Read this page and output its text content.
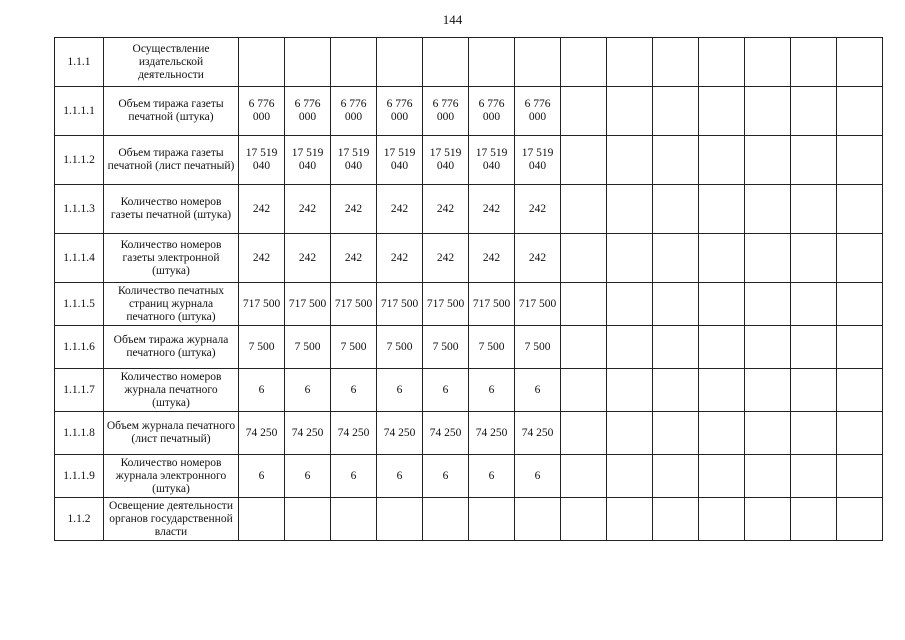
144
1.1.1	Осуществление издательской деятельности														
1.1.1.1	Объем тиража газеты печатной (штука)	6 776 000	6 776 000	6 776 000	6 776 000	6 776 000	6 776 000	6 776 000							
1.1.1.2	Объем тиража газеты печатной (лист печатный)	17 519 040	17 519 040	17 519 040	17 519 040	17 519 040	17 519 040	17 519 040							
1.1.1.3	Количество номеров газеты печатной (штука)	242	242	242	242	242	242	242							
1.1.1.4	Количество номеров газеты электронной (штука)	242	242	242	242	242	242	242							
1.1.1.5	Количество печатных страниц журнала печатного (штука)	717 500	717 500	717 500	717 500	717 500	717 500	717 500							
1.1.1.6	Объем тиража журнала печатного (штука)	7 500	7 500	7 500	7 500	7 500	7 500	7 500							
1.1.1.7	Количество номеров журнала печатного (штука)	6	6	6	6	6	6	6							
1.1.1.8	Объем журнала печатного (лист печатный)	74 250	74 250	74 250	74 250	74 250	74 250	74 250							
1.1.1.9	Количество номеров журнала электронного (штука)	6	6	6	6	6	6	6							
1.1.2	Освещение деятельности органов государственной власти														
